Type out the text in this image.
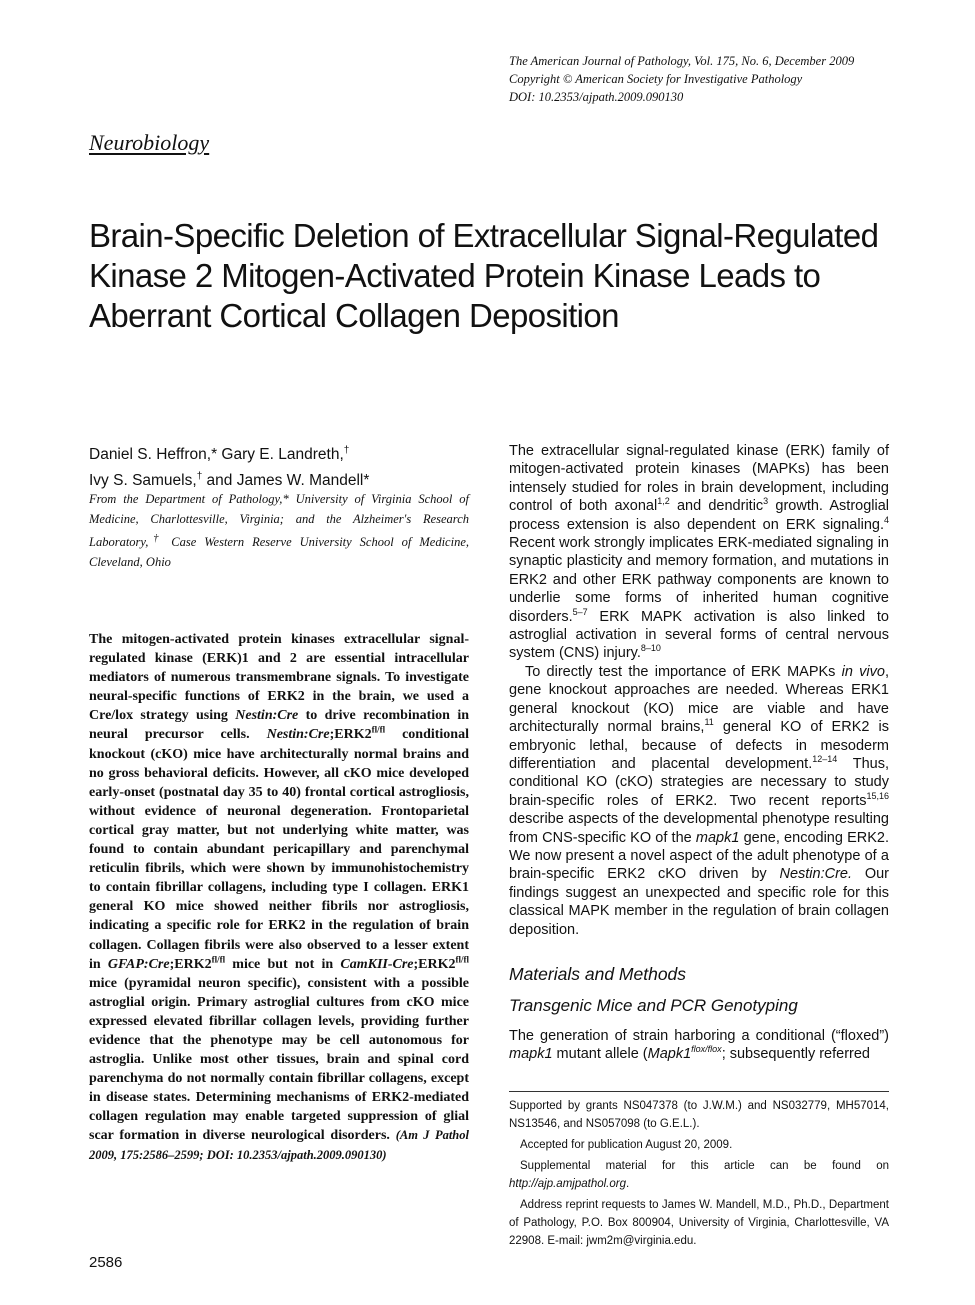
The American Journal of Pathology, Vol. 175, No. 6, December 2009
Copyright © American Society for Investigative Pathology
DOI: 10.2353/ajpath.2009.090130
Neurobiology
Brain-Specific Deletion of Extracellular Signal-Regulated Kinase 2 Mitogen-Activated Protein Kinase Leads to Aberrant Cortical Collagen Deposition
Daniel S. Heffron,* Gary E. Landreth,†
Ivy S. Samuels,† and James W. Mandell*
From the Department of Pathology,* University of Virginia School of Medicine, Charlottesville, Virginia; and the Alzheimer's Research Laboratory,† Case Western Reserve University School of Medicine, Cleveland, Ohio
The mitogen-activated protein kinases extracellular signal-regulated kinase (ERK)1 and 2 are essential intracellular mediators of numerous transmembrane signals. To investigate neural-specific functions of ERK2 in the brain, we used a Cre/lox strategy using Nestin:Cre to drive recombination in neural precursor cells. $Nestin:Cre;ERK2^{fl/fl}$ conditional knockout (cKO) mice have architecturally normal brains and no gross behavioral deficits. However, all cKO mice developed early-onset (postnatal day 35 to 40) frontal cortical astrogliosis, without evidence of neuronal degeneration. Frontoparietal cortical gray matter, but not underlying white matter, was found to contain abundant pericapillary and parenchymal reticulin fibrils, which were shown by immunohistochemistry to contain fibrillar collagens, including type I collagen. ERK1 general KO mice showed neither fibrils nor astrogliosis, indicating a specific role for ERK2 in the regulation of brain collagen. Collagen fibrils were also observed to a lesser extent in $GFAP:Cre;ERK2^{fl/fl}$ mice but not in CamKII-$Cre;ERK2^{fl/fl}$ mice (pyramidal neuron specific), consistent with a possible astroglial origin. Primary astroglial cultures from cKO mice expressed elevated fibrillar collagen levels, providing further evidence that the phenotype may be cell autonomous for astroglia. Unlike most other tissues, brain and spinal cord parenchyma do not normally contain fibrillar collagens, except in disease states. Determining mechanisms of ERK2-mediated collagen regulation may enable targeted suppression of glial scar formation in diverse neurological disorders. (Am J Pathol 2009, 175:2586–2599; DOI: 10.2353/ajpath.2009.090130)
2586

The extracellular signal-regulated kinase (ERK) family of mitogen-activated protein kinases (MAPKs) has been intensely studied for roles in brain development, including control of both axonal$^{1,2}$ and dendritic$^3$ growth. Astroglial process extension is also dependent on ERK signaling.$^4$ Recent work strongly implicates ERK-mediated signaling in synaptic plasticity and memory formation, and mutations in ERK2 and other ERK pathway components are known to underlie some forms of inherited human cognitive disorders.$^{5-7}$ ERK MAPK activation is also linked to astroglial activation in several forms of central nervous system (CNS) injury.$^{8-10}$

To directly test the importance of ERK MAPKs in vivo, gene knockout approaches are needed. Whereas ERK1 general knockout (KO) mice are viable and have architecturally normal brains,$^{11}$ general KO of ERK2 is embryonic lethal, because of defects in mesoderm differentiation and placental development.$^{12-14}$ Thus, conditional KO (cKO) strategies are necessary to study brain-specific roles of ERK2. Two recent reports$^{15,16}$ describe aspects of the developmental phenotype resulting from CNS-specific KO of the mapk1 gene, encoding ERK2. We now present a novel aspect of the adult phenotype of a brain-specific ERK2 cKO driven by Nestin:Cre. Our findings suggest an unexpected and specific role for this classical MAPK member in the regulation of brain collagen deposition.

Materials and Methods
Transgenic Mice and PCR Genotyping

The generation of strain harboring a conditional (“floxed”) mapk1 mutant allele ($Mapk1^{flox/flox}$; subsequently referred

Supported by grants NS047378 (to J.W.M.) and NS032779, MH57014, NS13546, and NS057098 (to G.E.L.).

Accepted for publication August 20, 2009.

Supplemental material for this article can be found on http://ajp.amjpathol.org.

Address reprint requests to James W. Mandell, M.D., Ph.D., Department of Pathology, P.O. Box 800904, University of Virginia, Charlottesville, VA 22908. E-mail: jwm2m@virginia.edu.
